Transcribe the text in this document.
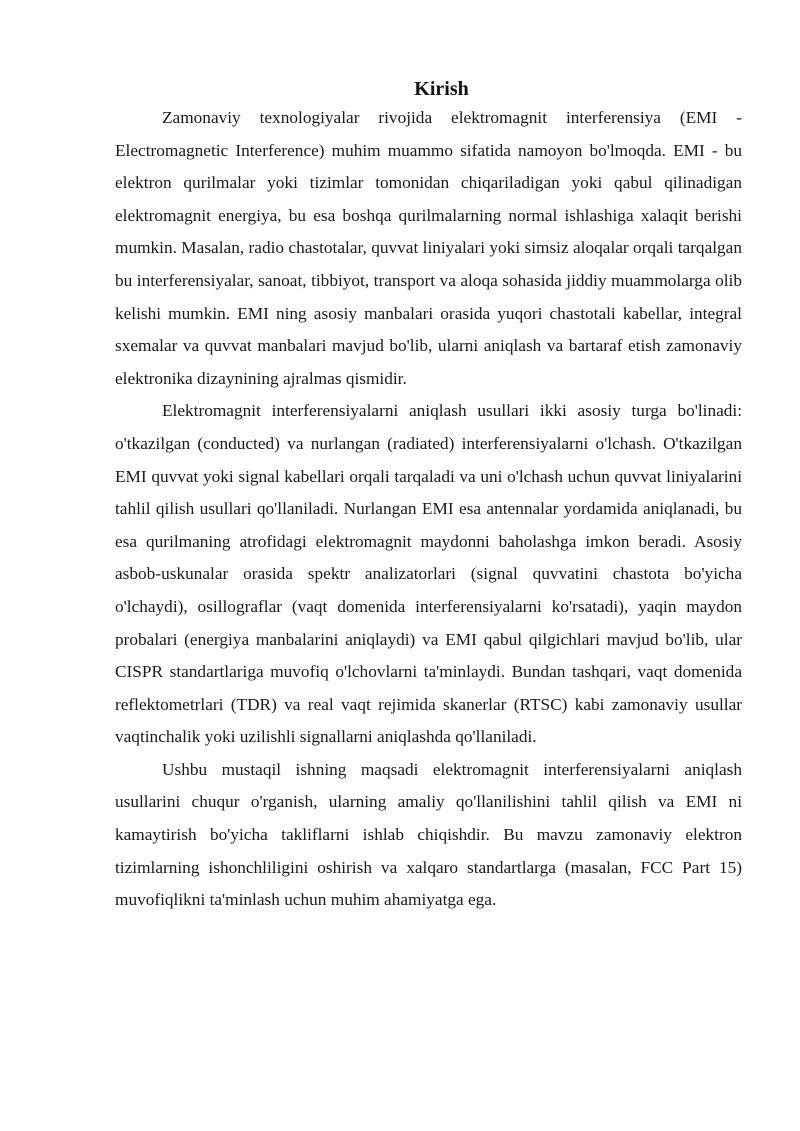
Kirish

Zamonaviy texnologiyalar rivojida elektromagnit interferensiya (EMI - Electromagnetic Interference) muhim muammo sifatida namoyon bo'lmoqda. EMI - bu elektron qurilmalar yoki tizimlar tomonidan chiqariladigan yoki qabul qilinadigan elektromagnit energiya, bu esa boshqa qurilmalarning normal ishlashiga xalaqit berishi mumkin. Masalan, radio chastotalar, quvvat liniyalari yoki simsiz aloqalar orqali tarqalgan bu interferensiyalar, sanoat, tibbiyot, transport va aloqa sohasida jiddiy muammolarga olib kelishi mumkin. EMI ning asosiy manbalari orasida yuqori chastotali kabellar, integral sxemalar va quvvat manbalari mavjud bo'lib, ularni aniqlash va bartaraf etish zamonaviy elektronika dizaynining ajralmas qismidir.

Elektromagnit interferensiyalarni aniqlash usullari ikki asosiy turga bo'linadi: o'tkazilgan (conducted) va nurlangan (radiated) interferensiyalarni o'lchash. O'tkazilgan EMI quvvat yoki signal kabellari orqali tarqaladi va uni o'lchash uchun quvvat liniyalarini tahlil qilish usullari qo'llaniladi. Nurlangan EMI esa antennalar yordamida aniqlanadi, bu esa qurilmaning atrofidagi elektromagnit maydonni baholashga imkon beradi. Asosiy asbob-uskunalar orasida spektr analizatorlari (signal quvvatini chastota bo'yicha o'lchaydi), osillograflar (vaqt domenida interferensiyalarni ko'rsatadi), yaqin maydon probalari (energiya manbalarini aniqlaydi) va EMI qabul qilgichlari mavjud bo'lib, ular CISPR standartlariga muvofiq o'lchovlarni ta'minlaydi. Bundan tashqari, vaqt domenida reflektometrlari (TDR) va real vaqt rejimida skanerlar (RTSC) kabi zamonaviy usullar vaqtinchalik yoki uzilishli signallarni aniqlashda qo'llaniladi.

Ushbu mustaqil ishning maqsadi elektromagnit interferensiyalarni aniqlash usullarini chuqur o'rganish, ularning amaliy qo'llanilishini tahlil qilish va EMI ni kamaytirish bo'yicha takliflarni ishlab chiqishdir. Bu mavzu zamonaviy elektron tizimlarning ishonchliligini oshirish va xalqaro standartlarga (masalan, FCC Part 15) muvofiqlikni ta'minlash uchun muhim ahamiyatga ega.
